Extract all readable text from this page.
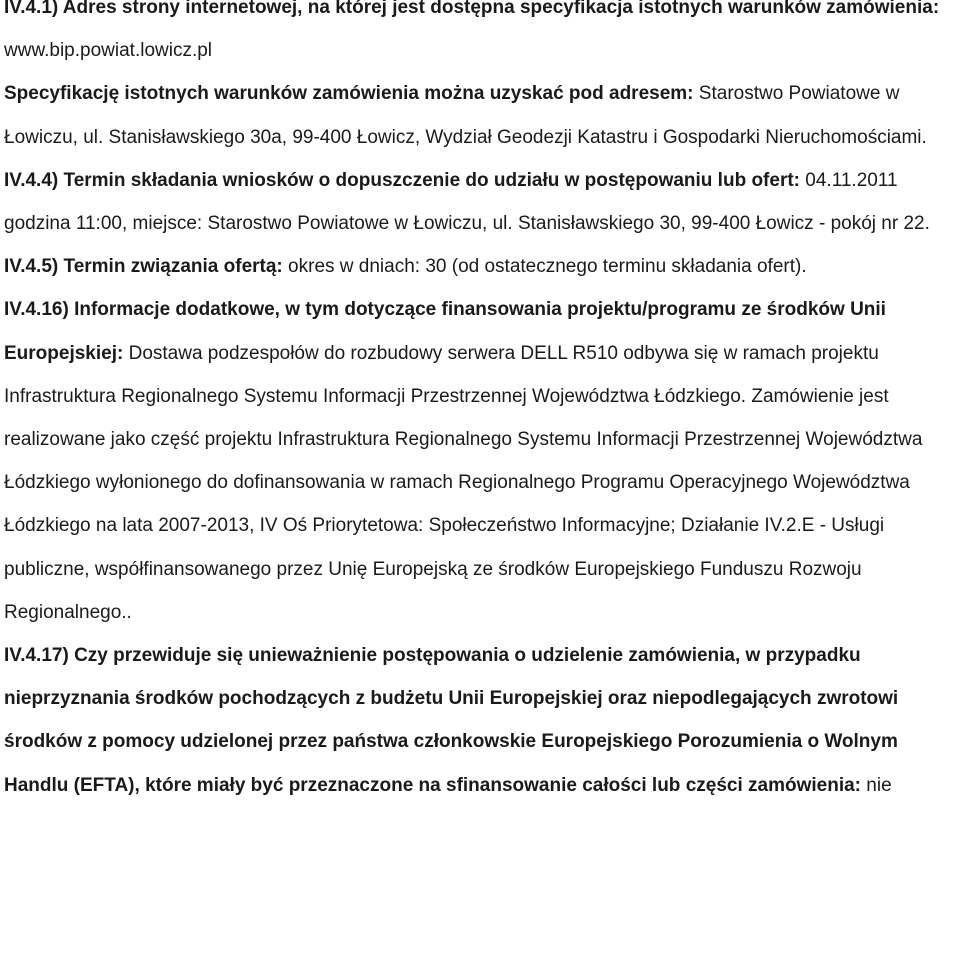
IV.4.1) Adres strony internetowej, na której jest dostępna specyfikacja istotnych warunków zamówienia: www.bip.powiat.lowicz.pl

Specyfikację istotnych warunków zamówienia można uzyskać pod adresem: Starostwo Powiatowe w Łowiczu, ul. Stanisławskiego 30a, 99-400 Łowicz, Wydział Geodezji Katastru i Gospodarki Nieruchomościami.

IV.4.4) Termin składania wniosków o dopuszczenie do udziału w postępowaniu lub ofert: 04.11.2011 godzina 11:00, miejsce: Starostwo Powiatowe w Łowiczu, ul. Stanisławskiego 30, 99-400 Łowicz - pokój nr 22.

IV.4.5) Termin związania ofertą: okres w dniach: 30 (od ostatecznego terminu składania ofert).

IV.4.16) Informacje dodatkowe, w tym dotyczące finansowania projektu/programu ze środków Unii Europejskiej: Dostawa podzespołów do rozbudowy serwera DELL R510 odbywa się w ramach projektu Infrastruktura Regionalnego Systemu Informacji Przestrzennej Województwa Łódzkiego. Zamówienie jest realizowane jako część projektu Infrastruktura Regionalnego Systemu Informacji Przestrzennej Województwa Łódzkiego wyłonionego do dofinansowania w ramach Regionalnego Programu Operacyjnego Województwa Łódzkiego na lata 2007-2013, IV Oś Priorytetowa: Społeczeństwo Informacyjne; Działanie IV.2.E - Usługi publiczne, współfinansowanego przez Unię Europejską ze środków Europejskiego Funduszu Rozwoju Regionalnego..

IV.4.17) Czy przewiduje się unieważnienie postępowania o udzielenie zamówienia, w przypadku nieprzyznania środków pochodzących z budżetu Unii Europejskiej oraz niepodlegających zwrotowi środków z pomocy udzielonej przez państwa członkowskie Europejskiego Porozumienia o Wolnym Handlu (EFTA), które miały być przeznaczone na sfinansowanie całości lub części zamówienia: nie
